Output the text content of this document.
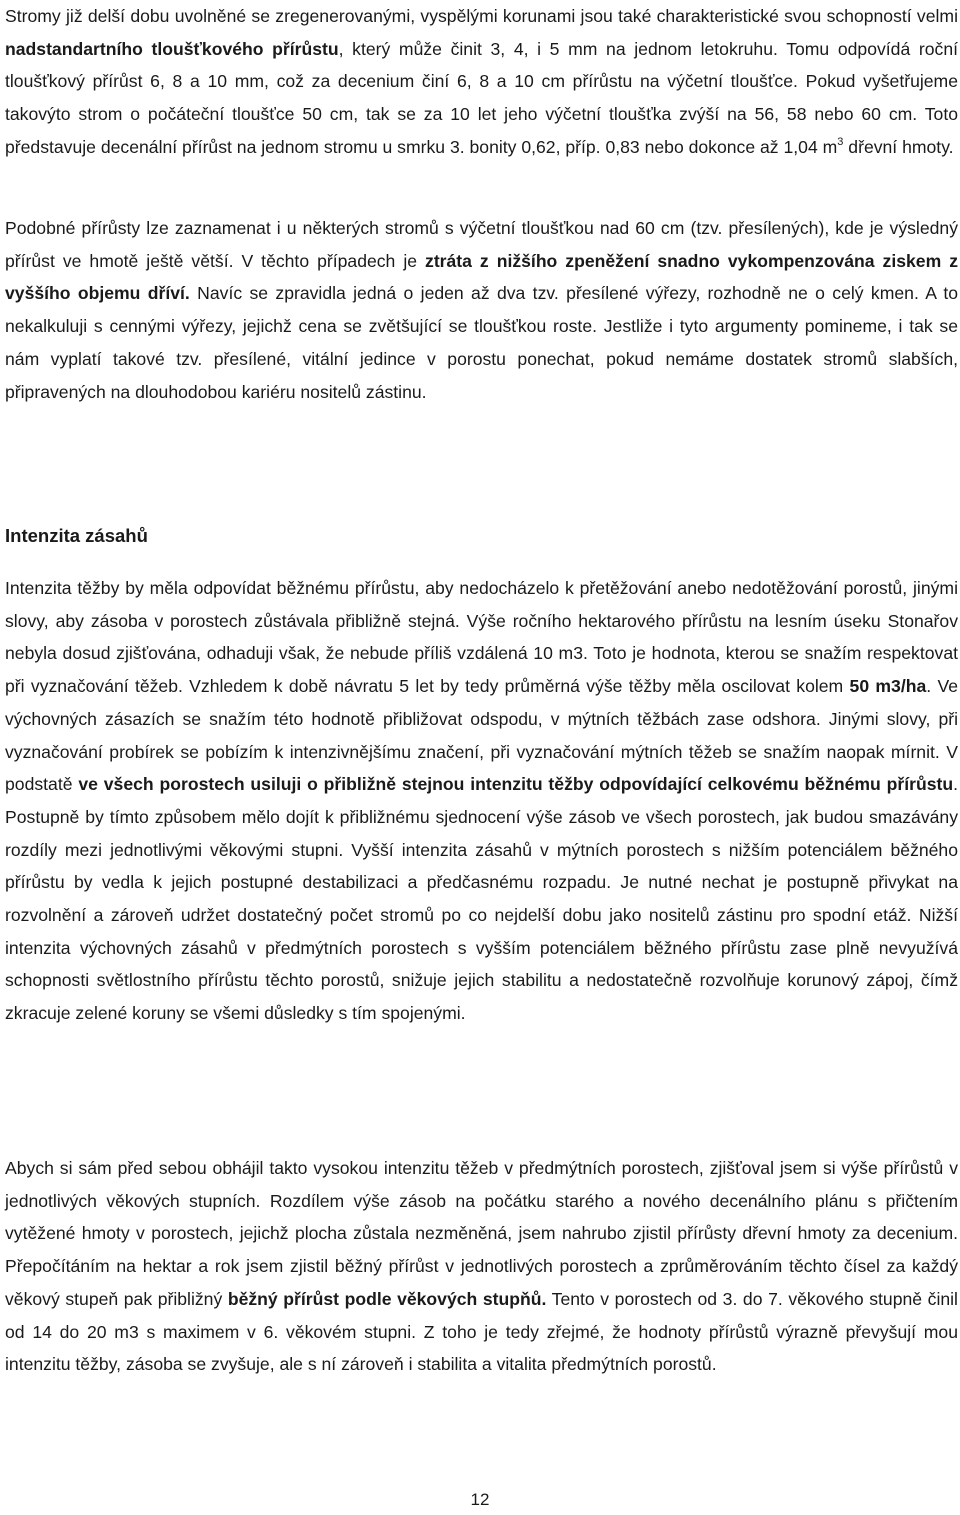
Stromy již delší dobu uvolněné se zregenerovanými, vyspělými korunami jsou také charakteristické svou schopností velmi nadstandartního tloušťkového přírůstu, který může činit 3, 4, i 5 mm na jednom letokruhu. Tomu odpovídá roční tloušťkový přírůst 6, 8 a 10 mm, což za decenium činí 6, 8 a 10 cm přírůstu na výčetní tloušťce. Pokud vyšetřujeme takovýto strom o počáteční tloušťce 50 cm, tak se za 10 let jeho výčetní tloušťka zvýší na 56, 58 nebo 60 cm. Toto představuje decenální přírůst na jednom stromu u smrku 3. bonity 0,62, příp. 0,83 nebo dokonce až 1,04 $m^3$ dřevní hmoty.

Podobné přírůsty lze zaznamenat i u některých stromů s výčetní tloušťkou nad 60 cm (tzv. přesílených), kde je výsledný přírůst ve hmotě ještě větší. V těchto případech je ztráta z nižšího zpeněžení snadno vykompenzována ziskem z vyššího objemu dříví. Navíc se zpravidla jedná o jeden až dva tzv. přesílené výřezy, rozhodně ne o celý kmen. A to nekalkuluji s cennými výřezy, jejichž cena se zvětšující se tloušťkou roste. Jestliže i tyto argumenty pomineme, i tak se nám vyplatí takové tzv. přesílené, vitální jedince v porostu ponechat, pokud nemáme dostatek stromů slabších, připravených na dlouhodobou kariéru nositelů zástinu.

Intenzita zásahů

Intenzita těžby by měla odpovídat běžnému přírůstu, aby nedocházelo k přetěžování anebo nedotěžování porostů, jinými slovy, aby zásoba v porostech zůstávala přibližně stejná. Výše ročního hektarového přírůstu na lesním úseku Stonařov nebyla dosud zjišťována, odhaduji však, že nebude příliš vzdálená 10 m3. Toto je hodnota, kterou se snažím respektovat při vyznačování těžeb. Vzhledem k době návratu 5 let by tedy průměrná výše těžby měla oscilovat kolem 50 m3/ha. Ve výchovných zásazích se snažím této hodnotě přibližovat odspodu, v mýtních těžbách zase odshora. Jinými slovy, při vyznačování probírek se pobízím k intenzivnějšímu značení, při vyznačování mýtních těžeb se snažím naopak mírnit. V podstatě ve všech porostech usiluji o přibližně stejnou intenzitu těžby odpovídající celkovému běžnému přírůstu. Postupně by tímto způsobem mělo dojít k přibližnému sjednocení výše zásob ve všech porostech, jak budou smazávány rozdíly mezi jednotlivými věkovými stupni. Vyšší intenzita zásahů v mýtních porostech s nižším potenciálem běžného přírůstu by vedla k jejich postupné destabilizaci a předčasnému rozpadu. Je nutné nechat je postupně přivykat na rozvolnění a zároveň udržet dostatečný počet stromů po co nejdelší dobu jako nositelů zástinu pro spodní etáž. Nižší intenzita výchovných zásahů v předmýtních porostech s vyšším potenciálem běžného přírůstu zase plně nevyužívá schopnosti světlostního přírůstu těchto porostů, snižuje jejich stabilitu a nedostatečně rozvolňuje korunový zápoj, čímž zkracuje zelené koruny se všemi důsledky s tím spojenými.

Abych si sám před sebou obhájil takto vysokou intenzitu těžeb v předmýtních porostech, zjišťoval jsem si výše přírůstů v jednotlivých věkových stupních. Rozdílem výše zásob na počátku starého a nového decenálního plánu s přičtením vytěžené hmoty v porostech, jejichž plocha zůstala nezměněná, jsem nahrubo zjistil přírůsty dřevní hmoty za decenium. Přepočítáním na hektar a rok jsem zjistil běžný přírůst v jednotlivých porostech a zprůměrováním těchto čísel za každý věkový stupeň pak přibližný běžný přírůst podle věkových stupňů. Tento v porostech od 3. do 7. věkového stupně činil od 14 do 20 m3 s maximem v 6. věkovém stupni. Z toho je tedy zřejmé, že hodnoty přírůstů výrazně převyšují mou intenzitu těžby, zásoba se zvyšuje, ale s ní zároveň i stabilita a vitalita předmýtních porostů.

12
